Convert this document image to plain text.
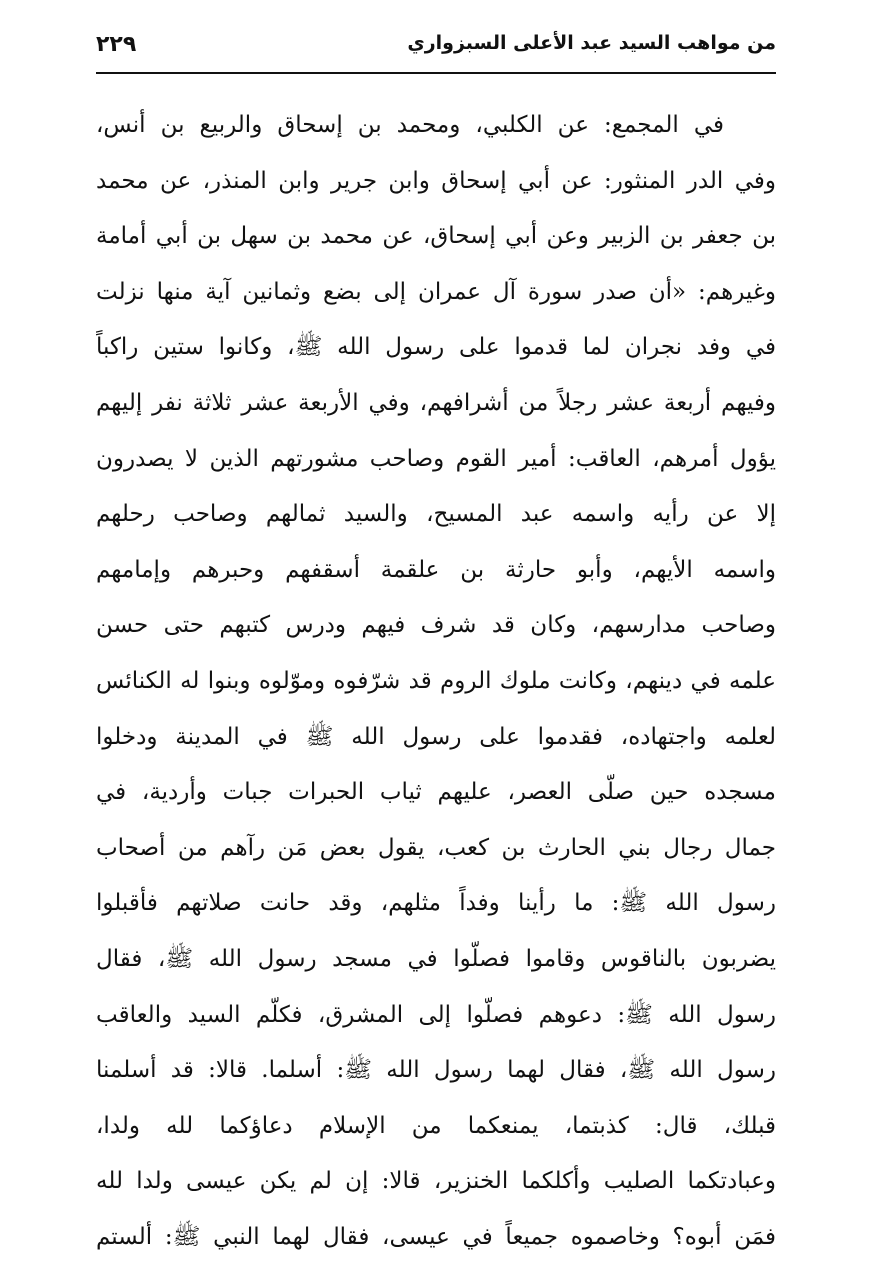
٢٢٩	من مواهب السيد عبد الأعلى السبزواري
في المجمع: عن الكلبي، ومحمد بن إسحاق والربيع بن أنس،
وفي الدر المنثور: عن أبي إسحاق وابن جرير وابن المنذر، عن محمد
بن جعفر بن الزبير وعن أبي إسحاق، عن محمد بن سهل بن أبي أمامة
وغيرهم: «أن صدر سورة آل عمران إلى بضع وثمانين آية منها نزلت
في وفد نجران لما قدموا على رسول الله ﷺ، وكانوا ستين راكباً
وفيهم أربعة عشر رجلاً من أشرافهم، وفي الأربعة عشر ثلاثة نفر إليهم
يؤول أمرهم، العاقب: أمير القوم وصاحب مشورتهم الذين لا يصدرون
إلا عن رأيه واسمه عبد المسيح، والسيد ثمالهم وصاحب رحلهم
واسمه الأيهم، وأبو حارثة بن علقمة أسقفهم وحبرهم وإمامهم
وصاحب مدارسهم، وكان قد شرف فيهم ودرس كتبهم حتى حسن
علمه في دينهم، وكانت ملوك الروم قد شرّفوه وموّلوه وبنوا له الكنائس
لعلمه واجتهاده، فقدموا على رسول الله ﷺ في المدينة ودخلوا
مسجده حين صلّى العصر، عليهم ثياب الحبرات جبات وأردية، في
جمال رجال بني الحارث بن كعب، يقول بعض مَن رآهم من أصحاب
رسول الله ﷺ: ما رأينا وفداً مثلهم، وقد حانت صلاتهم فأقبلوا
يضربون بالناقوس وقاموا فصلّوا في مسجد رسول الله ﷺ، فقال
رسول الله ﷺ: دعوهم فصلّوا إلى المشرق، فكلّم السيد والعاقب
رسول الله ﷺ، فقال لهما رسول الله ﷺ: أسلما. قالا: قد أسلمنا
قبلك، قال: كذبتما، يمنعكما من الإسلام دعاؤكما لله ولدا،
وعبادتكما الصليب وأكلكما الخنزير، قالا: إن لم يكن عيسى ولدا لله
فمَن أبوه؟ وخاصموه جميعاً في عيسى، فقال لهما النبي ﷺ: ألستم
